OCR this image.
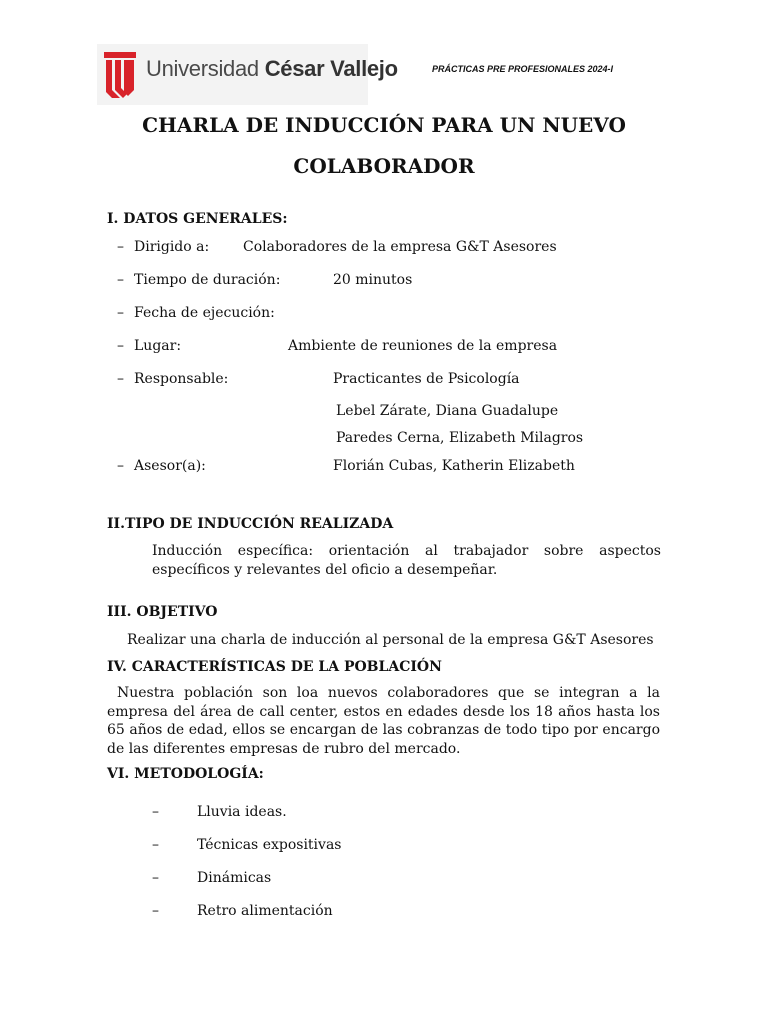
Universidad César Vallejo	PRÁCTICAS PRE PROFESIONALES 2024-I
CHARLA DE INDUCCIÓN PARA UN NUEVO
COLABORADOR
I. DATOS GENERALES:
– Dirigido a: Colaboradores de la empresa G&T Asesores
– Tiempo de duración:	20 minutos
– Fecha de ejecución:
– Lugar:	Ambiente de reuniones de la empresa
– Responsable:	Practicantes de Psicología
Lebel Zárate, Diana Guadalupe
Paredes Cerna, Elizabeth Milagros
– Asesor(a):	Florián Cubas, Katherin Elizabeth
II.TIPO DE INDUCCIÓN REALIZADA
Inducción específica: orientación al trabajador sobre aspectos específicos y relevantes del oficio a desempeñar.
III. OBJETIVO
Realizar una charla de inducción al personal de la empresa G&T Asesores
IV. CARACTERÍSTICAS DE LA POBLACIÓN
Nuestra población son loa nuevos colaboradores que se integran a la empresa del área de call center, estos en edades desde los 18 años hasta los 65 años de edad, ellos se encargan de las cobranzas de todo tipo por encargo de las diferentes empresas de rubro del mercado.
VI. METODOLOGÍA:
–	Lluvia ideas.
–	Técnicas expositivas
–	Dinámicas
–	Retro alimentación
